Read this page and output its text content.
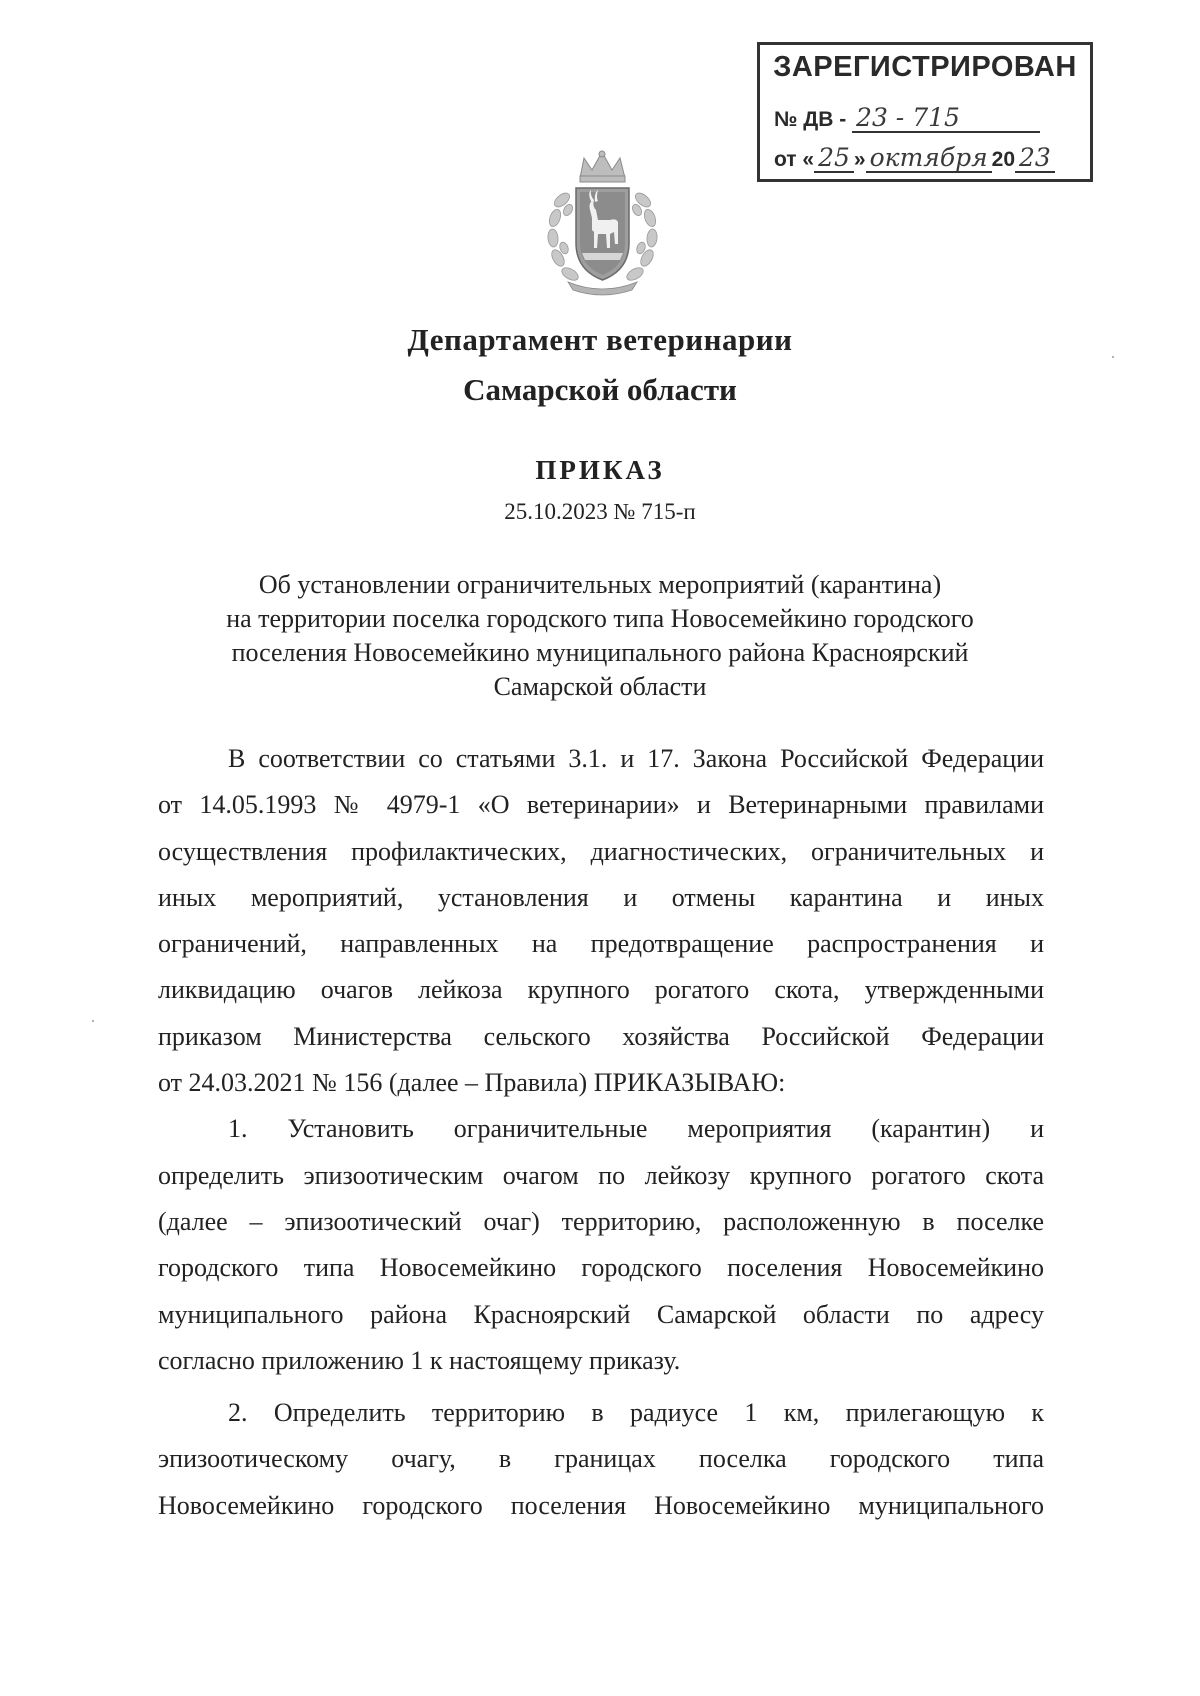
ЗАРЕГИСТРИРОВАН
№ ДВ - 23 - 715
от « 25 » октября 20 23
Департамент ветеринарии
Самарской области
ПРИКАЗ
25.10.2023 № 715-п
Об установлении ограничительных мероприятий (карантина)
на территории поселка городского типа Новосемейкино городского
поселения Новосемейкино муниципального района Красноярский
Самарской области
В соответствии со статьями 3.1. и 17. Закона Российской Федерации
от 14.05.1993 № 4979-1 «О ветеринарии» и Ветеринарными правилами
осуществления профилактических, диагностических, ограничительных и
иных мероприятий, установления и отмены карантина и иных
ограничений, направленных на предотвращение распространения и
ликвидацию очагов лейкоза крупного рогатого скота, утвержденными
приказом Министерства сельского хозяйства Российской Федерации
от 24.03.2021 № 156 (далее – Правила) ПРИКАЗЫВАЮ:
1. Установить ограничительные мероприятия (карантин) и
определить эпизоотическим очагом по лейкозу крупного рогатого скота
(далее – эпизоотический очаг) территорию, расположенную в поселке
городского типа Новосемейкино городского поселения Новосемейкино
муниципального района Красноярский Самарской области по адресу
согласно приложению 1 к настоящему приказу.
2. Определить территорию в радиусе 1 км, прилегающую к
эпизоотическому очагу, в границах поселка городского типа
Новосемейкино городского поселения Новосемейкино муниципального
